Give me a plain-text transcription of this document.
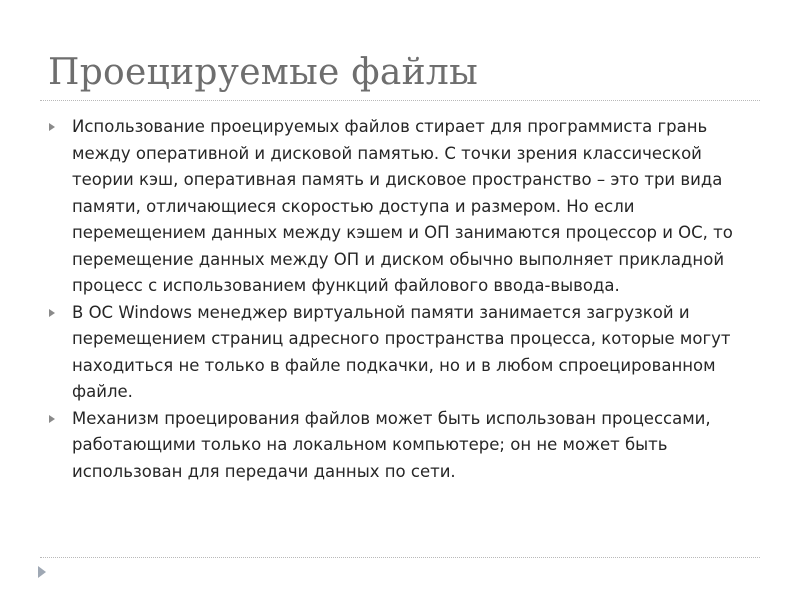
Проецируемые файлы
Использование проецируемых файлов стирает для программиста грань между оперативной и дисковой памятью. С точки зрения классической теории кэш, оперативная память и дисковое пространство – это три вида памяти, отличающиеся скоростью доступа и размером. Но если перемещением данных между кэшем и ОП занимаются процессор и ОС, то перемещение данных между ОП и диском обычно выполняет прикладной процесс с использованием функций файлового ввода-вывода.
В ОС Windows менеджер виртуальной памяти занимается загрузкой и перемещением страниц адресного пространства процесса, которые могут находиться не только в файле подкачки, но и в любом спроецированном файле.
Механизм проецирования файлов может быть использован процессами, работающими только на локальном компьютере; он не может быть использован для передачи данных по сети.
